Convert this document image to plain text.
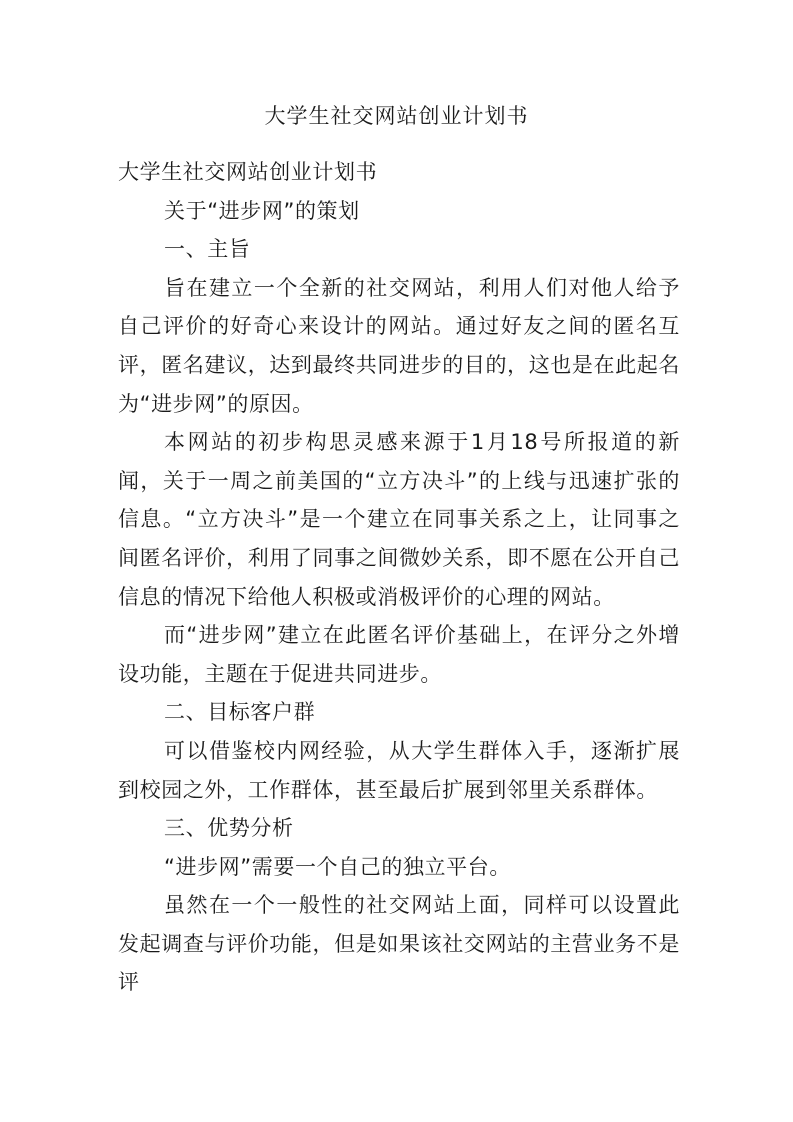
大学生社交网站创业计划书

大学生社交网站创业计划书

关于“进步网”的策划

一、主旨

旨在建立一个全新的社交网站，利用人们对他人给予自己评价的好奇心来设计的网站。通过好友之间的匿名互评，匿名建议，达到最终共同进步的目的，这也是在此起名为“进步网”的原因。

本网站的初步构思灵感来源于1月18号所报道的新闻，关于一周之前美国的“立方决斗”的上线与迅速扩张的信息。“立方决斗”是一个建立在同事关系之上，让同事之间匿名评价，利用了同事之间微妙关系，即不愿在公开自己信息的情况下给他人积极或消极评价的心理的网站。

而“进步网”建立在此匿名评价基础上，在评分之外增设功能，主题在于促进共同进步。

二、目标客户群

可以借鉴校内网经验，从大学生群体入手，逐渐扩展到校园之外，工作群体，甚至最后扩展到邻里关系群体。

三、优势分析

“进步网”需要一个自己的独立平台。

虽然在一个一般性的社交网站上面，同样可以设置此发起调查与评价功能，但是如果该社交网站的主营业务不是评
